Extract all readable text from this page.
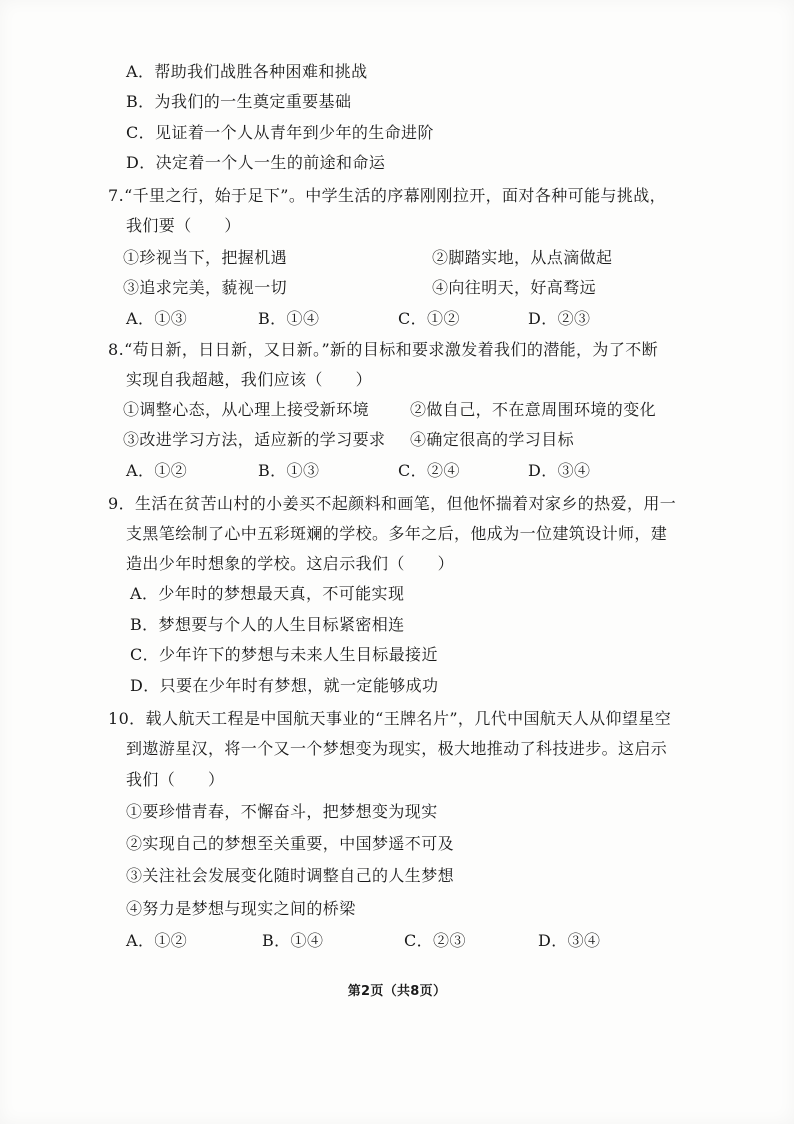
A．帮助我们战胜各种困难和挑战
B．为我们的一生奠定重要基础
C．见证着一个人从青年到少年的生命进阶
D．决定着一个人一生的前途和命运
7.“千里之行，始于足下”。中学生活的序幕刚刚拉开，面对各种可能与挑战，
我们要（　　）
①珍视当下，把握机遇	②脚踏实地，从点滴做起
③追求完美，藐视一切	④向往明天，好高骛远
A．①③	B．①④	C．①②	D．②③
8.“苟日新，日日新，又日新。”新的目标和要求激发着我们的潜能，为了不断
实现自我超越，我们应该（　　）
①调整心态，从心理上接受新环境	②做自己，不在意周围环境的变化
③改进学习方法，适应新的学习要求 ④确定很高的学习目标
A．①②	B．①③	C．②④	D．③④
9．生活在贫苦山村的小姜买不起颜料和画笔，但他怀揣着对家乡的热爱，用一
支黑笔绘制了心中五彩斑斓的学校。多年之后，他成为一位建筑设计师，建
造出少年时想象的学校。这启示我们（　　）
A．少年时的梦想最天真，不可能实现
B．梦想要与个人的人生目标紧密相连
C．少年许下的梦想与未来人生目标最接近
D．只要在少年时有梦想，就一定能够成功
10．载人航天工程是中国航天事业的“王牌名片”，几代中国航天人从仰望星空
到遨游星汉，将一个又一个梦想变为现实，极大地推动了科技进步。这启示
我们（　　）
①要珍惜青春，不懈奋斗，把梦想变为现实
②实现自己的梦想至关重要，中国梦遥不可及
③关注社会发展变化随时调整自己的人生梦想
④努力是梦想与现实之间的桥梁
A．①②	B．①④	C．②③	D．③④
第2页（共8页）
